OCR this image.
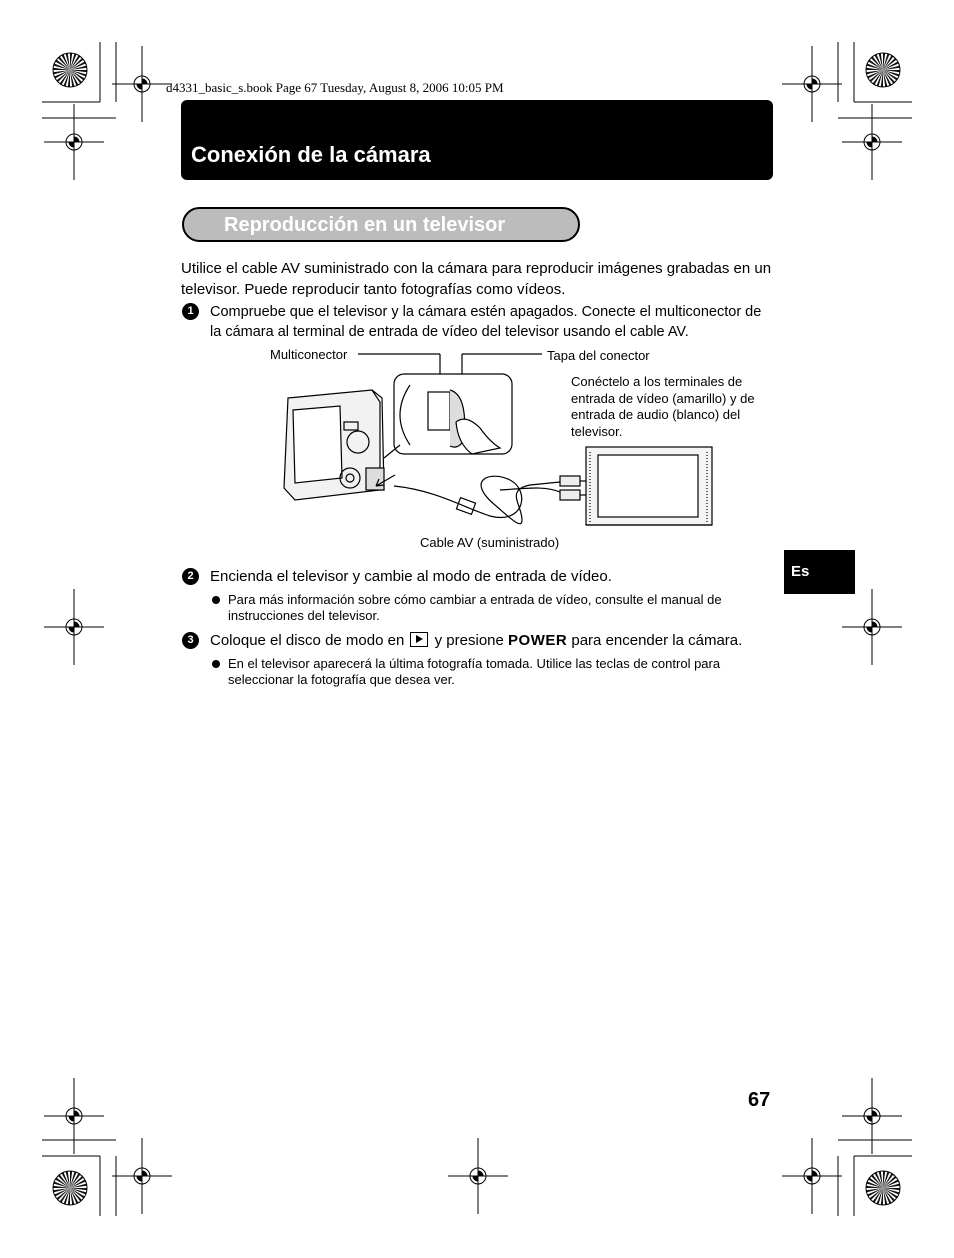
d4331_basic_s.book Page 67 Tuesday, August 8, 2006 10:05 PM
Conexión de la cámara
Reproducción en un televisor
Utilice el cable AV suministrado con la cámara para reproducir imágenes grabadas en un televisor. Puede reproducir tanto fotografías como vídeos.
1	Compruebe que el televisor y la cámara estén apagados. Conecte el multiconector de la cámara al terminal de entrada de vídeo del televisor usando el cable AV.
Multiconector	Tapa del conector
Conéctelo a los terminales de entrada de vídeo (amarillo) y de entrada de audio (blanco) del televisor.
Cable AV (suministrado)
2	Encienda el televisor y cambie al modo de entrada de vídeo.
Para más información sobre cómo cambiar a entrada de vídeo, consulte el manual de instrucciones del televisor.
3	Coloque el disco de modo en y presione POWER para encender la cámara.
En el televisor aparecerá la última fotografía tomada. Utilice las teclas de control para seleccionar la fotografía que desea ver.
Es
67
